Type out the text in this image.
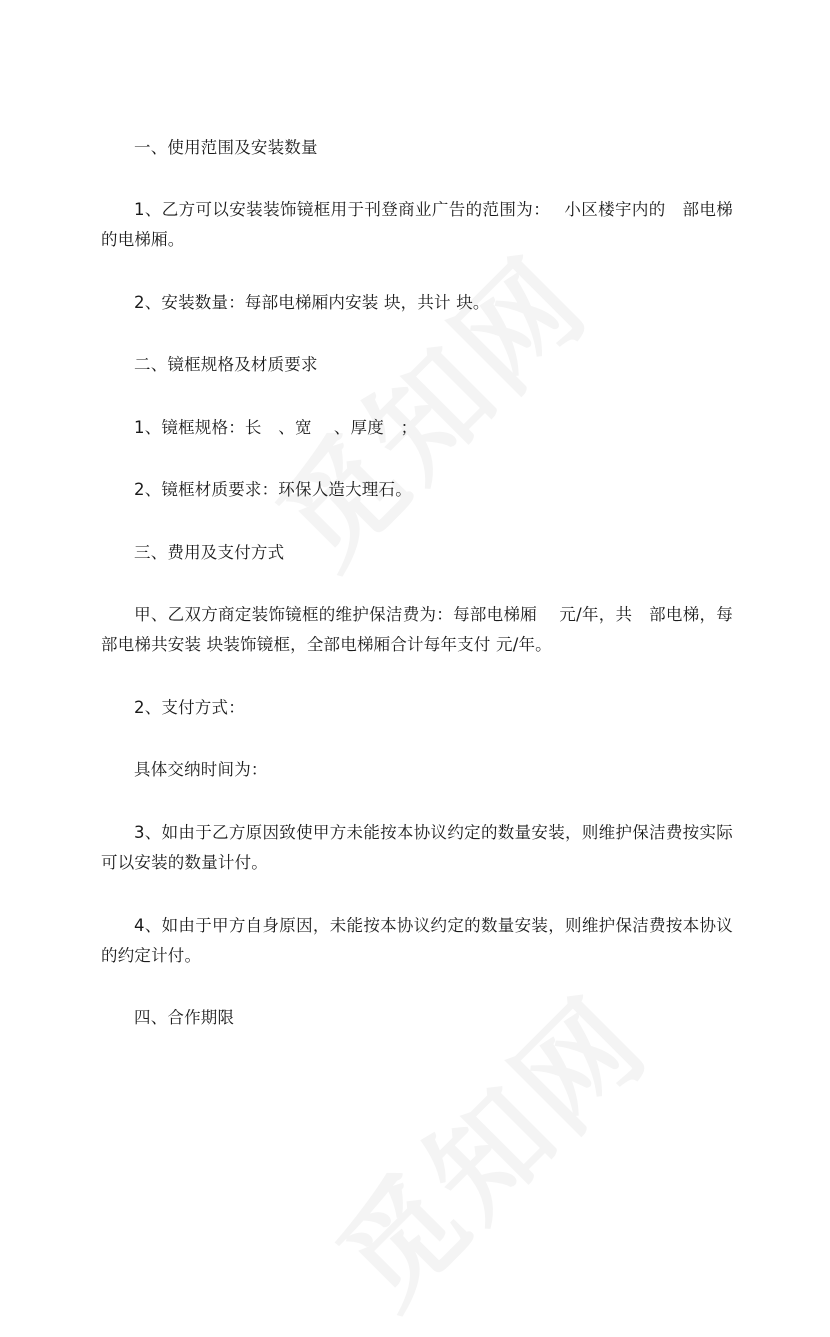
一、使用范围及安装数量

1、乙方可以安装装饰镜框用于刊登商业广告的范围为：　 小区楼宇内的　部电梯的电梯厢。

2、安装数量：每部电梯厢内安装 块，共计 块。

二、镜框规格及材质要求

1、镜框规格：长　、宽　 、厚度　；

2、镜框材质要求：环保人造大理石。

三、费用及支付方式

甲、乙双方商定装饰镜框的维护保洁费为：每部电梯厢　 元/年，共　部电梯，每部电梯共安装 块装饰镜框，全部电梯厢合计每年支付 元/年。

2、支付方式：

具体交纳时间为：

3、如由于乙方原因致使甲方未能按本协议约定的数量安装，则维护保洁费按实际可以安装的数量计付。

4、如由于甲方自身原因，未能按本协议约定的数量安装，则维护保洁费按本协议的约定计付。

四、合作期限
